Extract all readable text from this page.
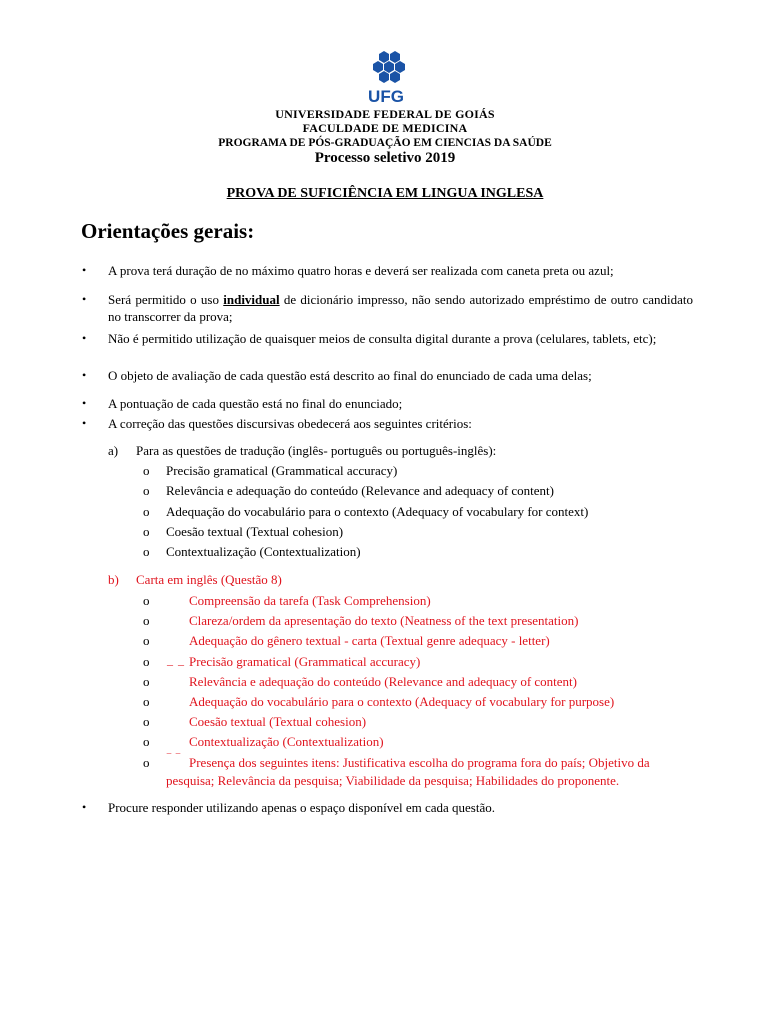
UFG
UNIVERSIDADE FEDERAL DE GOIÁS
FACULDADE DE MEDICINA
PROGRAMA DE PÓS-GRADUAÇÃO EM CIENCIAS DA SAÚDE
Processo seletivo 2019
PROVA DE SUFICIÊNCIA EM LINGUA INGLESA
Orientações gerais:
• A prova terá duração de no máximo quatro horas e deverá ser realizada com caneta preta ou azul;
• Será permitido o uso individual de dicionário impresso, não sendo autorizado empréstimo de outro candidato no transcorrer da prova;
• Não é permitido utilização de quaisquer meios de consulta digital durante a prova (celulares, tablets, etc);
• O objeto de avaliação de cada questão está descrito ao final do enunciado de cada uma delas;
• A pontuação de cada questão está no final do enunciado;
• A correção das questões discursivas obedecerá aos seguintes critérios:
a) Para as questões de tradução (inglês- português ou português-inglês):
o Precisão gramatical (Grammatical accuracy)
o Relevância e adequação do conteúdo (Relevance and adequacy of content)
o Adequação do vocabulário para o contexto (Adequacy of vocabulary for context)
o Coesão textual (Textual cohesion)
o Contextualização (Contextualization)
b) Carta em inglês (Questão 8)
o	Compreensão da tarefa (Task Comprehension)
o	Clareza/ordem da apresentação do texto (Neatness of the text presentation)
o	Adequação do gênero textual - carta (Textual genre adequacy - letter)
o _ _ Precisão gramatical (Grammatical accuracy)
o	Relevância e adequação do conteúdo (Relevance and adequacy of content)
o	Adequação do vocabulário para o contexto (Adequacy of vocabulary for purpose)
o	Coesão textual (Textual cohesion)
o	Contextualização (Contextualization)
o ‾ ‾ Presença dos seguintes itens: Justificativa escolha do programa fora do país; Objetivo da
pesquisa; Relevância da pesquisa; Viabilidade da pesquisa; Habilidades do proponente.
• Procure responder utilizando apenas o espaço disponível em cada questão.
